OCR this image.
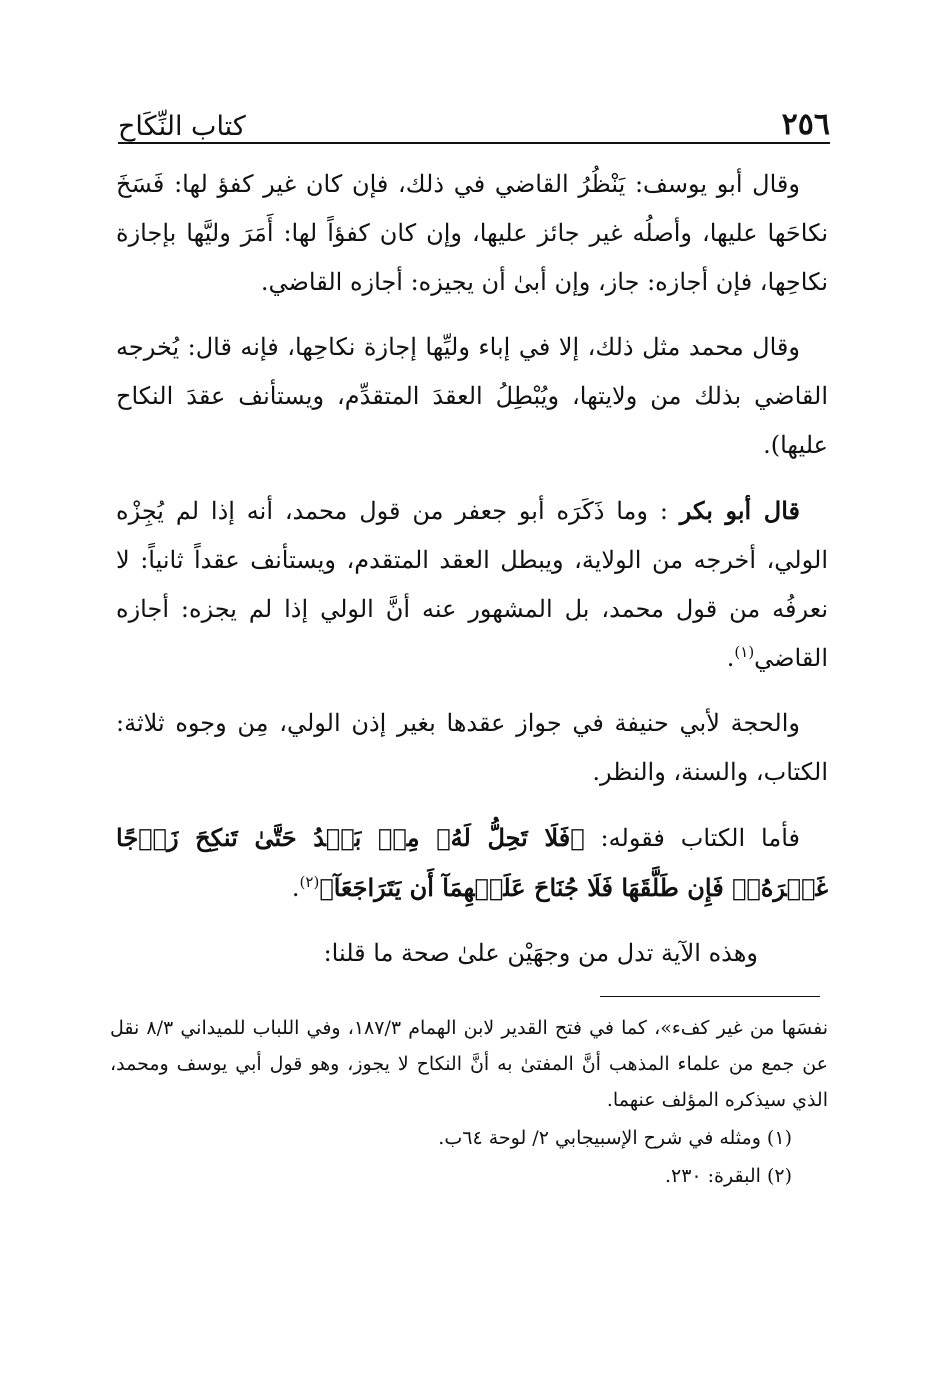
٢٥٦
كتاب النِّكَاح

وقال أبو يوسف: يَنْظُرُ القاضي في ذلك، فإن كان غير كفؤ لها: فَسَخَ نكاحَها عليها، وأصلُه غير جائز عليها، وإن كان كفؤاً لها: أَمَرَ وليَّها بإجازة نكاحِها، فإن أجازه: جاز، وإن أبىٰ أن يجيزه: أجازه القاضي.

وقال محمد مثل ذلك، إلا في إباء وليِّها إجازة نكاحِها، فإنه قال: يُخرجه القاضي بذلك من ولايتها، ويُبْطِلُ العقدَ المتقدِّم، ويستأنف عقدَ النكاح عليها).

قال أبو بكر : وما ذَكَرَه أبو جعفر من قول محمد، أنه إذا لم يُجِزْه الولي، أخرجه من الولاية، ويبطل العقد المتقدم، ويستأنف عقداً ثانياً: لا نعرفُه من قول محمد، بل المشهور عنه أنَّ الولي إذا لم يجزه: أجازه القاضي$^{(١)}$.

والحجة لأبي حنيفة في جواز عقدها بغير إذن الولي، مِن وجوه ثلاثة: الكتاب، والسنة، والنظر.

فأما الكتاب فقوله: ﴿فَلَا تَحِلُّ لَهُۥ مِنۢ بَعۡدُ حَتَّىٰ تَنكِحَ زَوۡجًا غَيۡرَهُۥۗ فَإِن طَلَّقَهَا فَلَا جُنَاحَ عَلَيۡهِمَآ أَن يَتَرَاجَعَآ﴾$^{(٢)}$.

وهذه الآية تدل من وجهَيْن علىٰ صحة ما قلنا:

نفسَها من غير كفء»، كما في فتح القدير لابن الهمام ١٨٧/٣، وفي اللباب للميداني ٨/٣ نقل عن جمع من علماء المذهب أنَّ المفتىٰ به أنَّ النكاح لا يجوز، وهو قول أبي يوسف ومحمد، الذي سيذكره المؤلف عنهما.

(١) ومثله في شرح الإسبيجابي ٢/ لوحة ٦٤ب.

(٢) البقرة: ٢٣٠.
